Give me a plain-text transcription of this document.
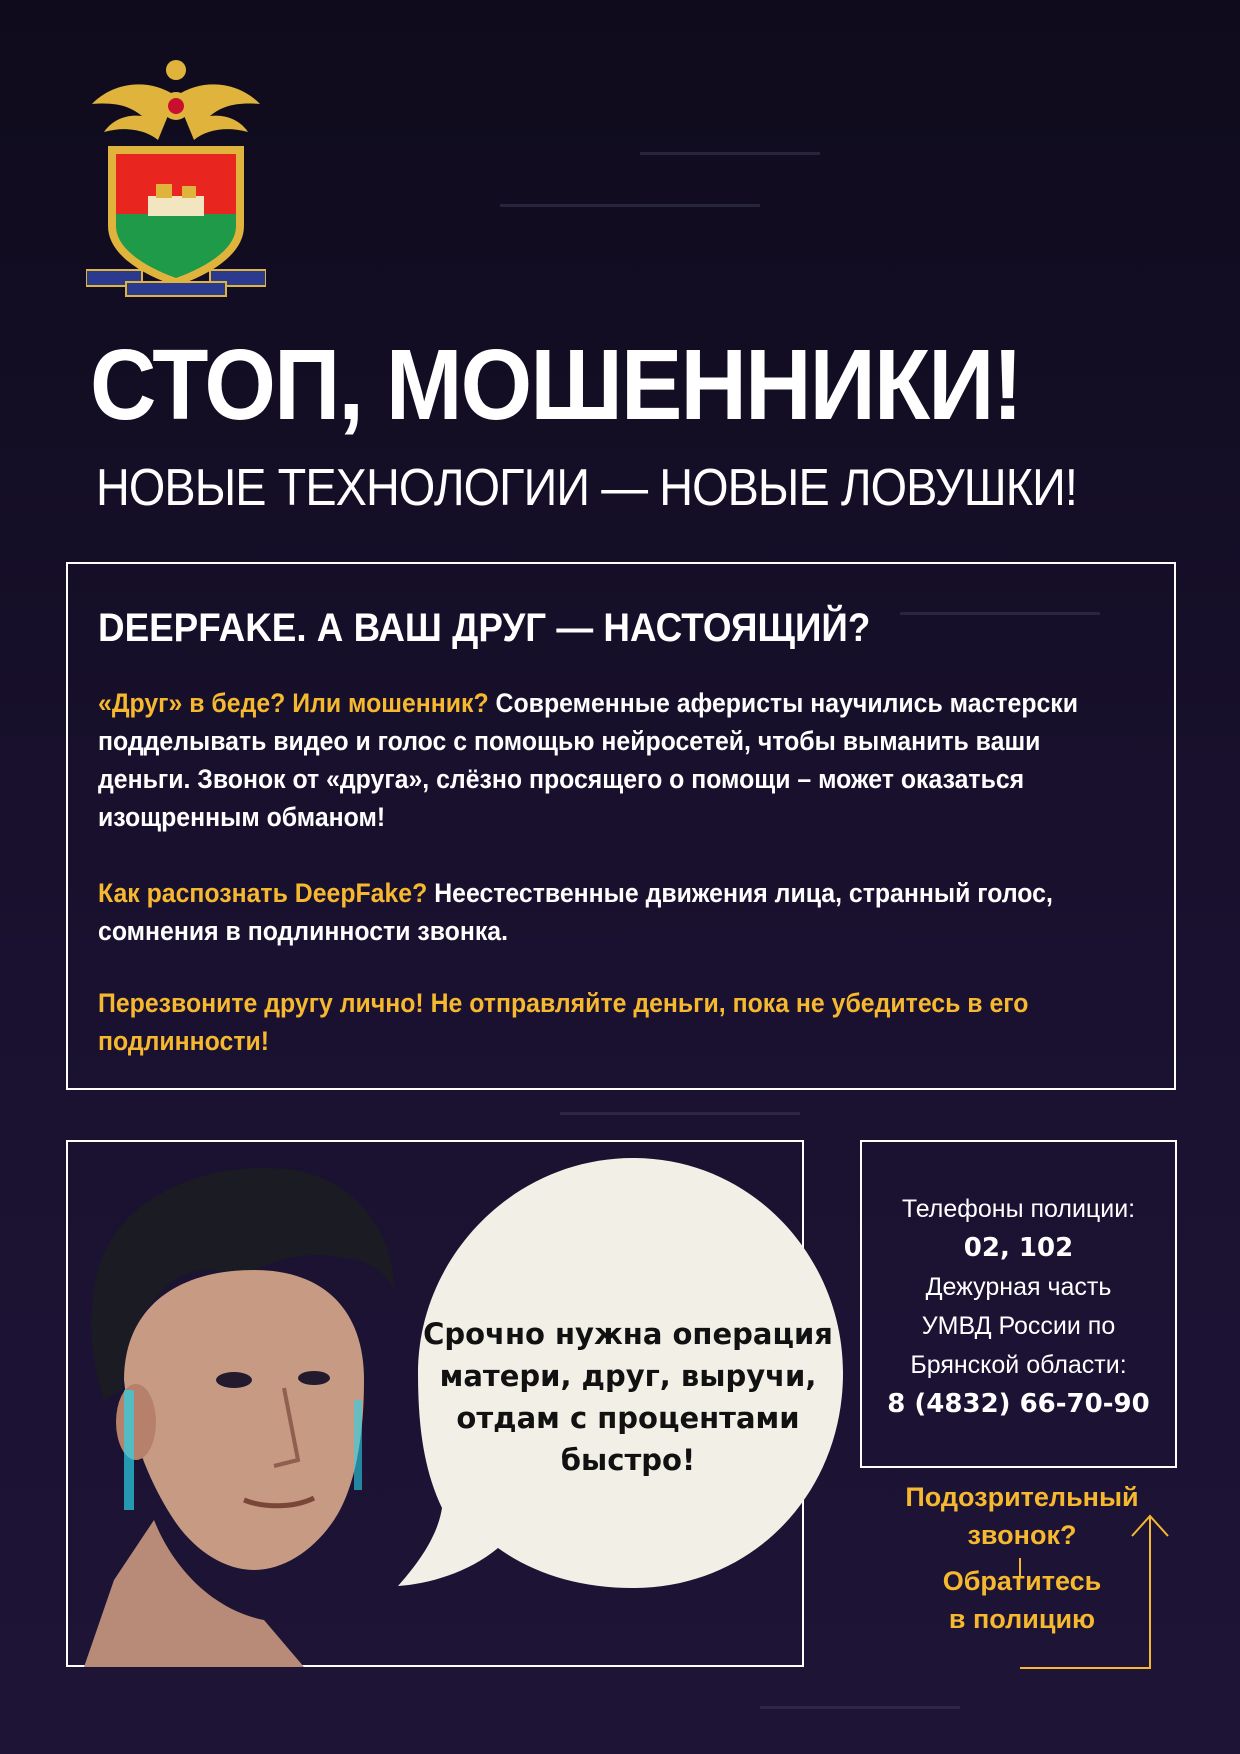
СТОП, МОШЕННИКИ!
НОВЫЕ ТЕХНОЛОГИИ — НОВЫЕ ЛОВУШКИ!
DEEPFAKE. А ВАШ ДРУГ — НАСТОЯЩИЙ?
«Друг» в беде? Или мошенник? Современные аферисты научились мастерски подделывать видео и голос с помощью нейросетей, чтобы выманить ваши деньги. Звонок от «друга», слёзно просящего о помощи – может оказаться изощренным обманом!
Как распознать DeepFake? Неестественные движения лица, странный голос, сомнения в подлинности звонка.
Перезвоните другу лично! Не отправляйте деньги, пока не убедитесь в его подлинности!
Срочно нужна операция матери, друг, выручи, отдам с процентами быстро!
Телефоны полиции:
02, 102
Дежурная часть
УМВД России по
Брянской области:
8 (4832) 66-70-90
Подозрительный
звонок?
Обратитесь
в полицию
